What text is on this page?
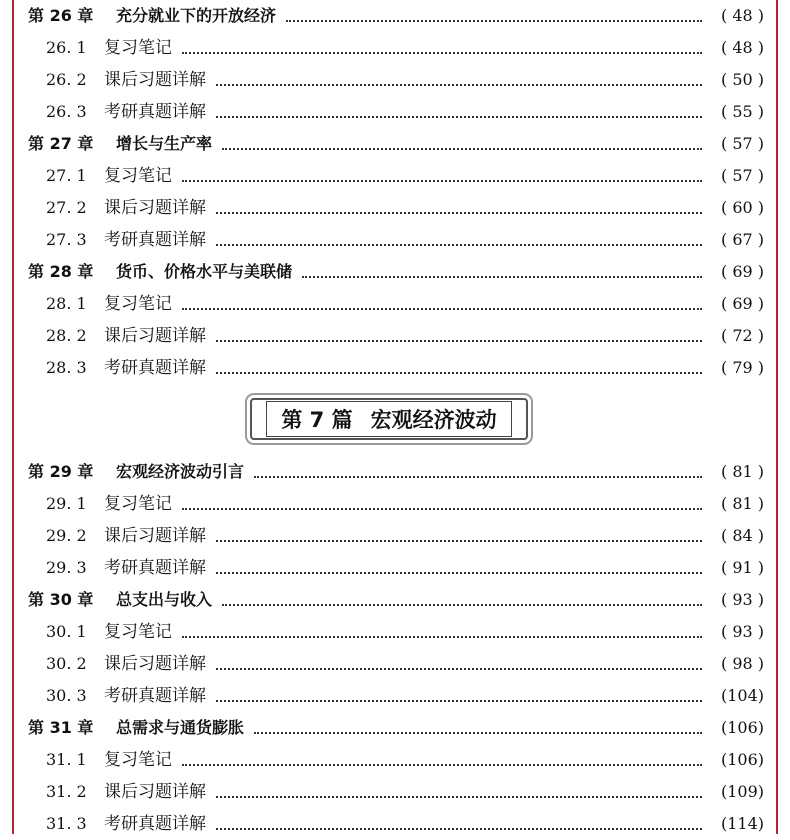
第 26 章	充分就业下的开放经济	( 48 )
26. 1	复习笔记	( 48 )
26. 2	课后习题详解	( 50 )
26. 3	考研真题详解	( 55 )
第 27 章	增长与生产率	( 57 )
27. 1	复习笔记	( 57 )
27. 2	课后习题详解	( 60 )
27. 3	考研真题详解	( 67 )
第 28 章	货币、价格水平与美联储	( 69 )
28. 1	复习笔记	( 69 )
28. 2	课后习题详解	( 72 )
28. 3	考研真题详解	( 79 )
第 7 篇 宏观经济波动
第 29 章	宏观经济波动引言	( 81 )
29. 1	复习笔记	( 81 )
29. 2	课后习题详解	( 84 )
29. 3	考研真题详解	( 91 )
第 30 章	总支出与收入	( 93 )
30. 1	复习笔记	( 93 )
30. 2	课后习题详解	( 98 )
30. 3	考研真题详解	(104)
第 31 章	总需求与通货膨胀	(106)
31. 1	复习笔记	(106)
31. 2	课后习题详解	(109)
31. 3	考研真题详解	(114)
